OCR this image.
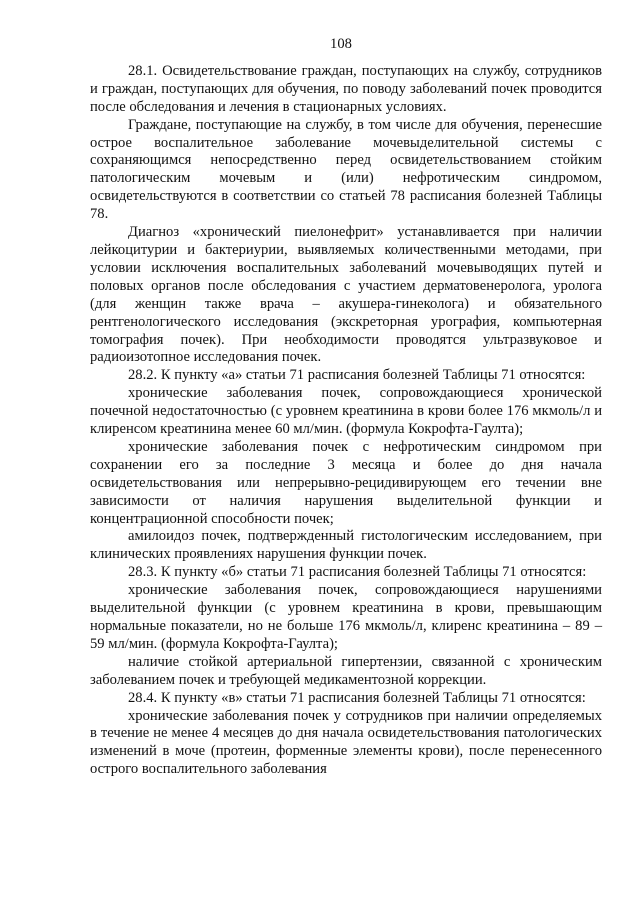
108

28.1. Освидетельствование граждан, поступающих на службу, сотрудников и граждан, поступающих для обучения, по поводу заболеваний почек проводится после обследования и лечения в стационарных условиях.

Граждане, поступающие на службу, в том числе для обучения, перенесшие острое воспалительное заболевание мочевыделительной системы с сохраняющимся непосредственно перед освидетельствованием стойким патологическим мочевым и (или) нефротическим синдромом, освидетельствуются в соответствии со статьей 78 расписания болезней Таблицы 78.

Диагноз «хронический пиелонефрит» устанавливается при наличии лейкоцитурии и бактериурии, выявляемых количественными методами, при условии исключения воспалительных заболеваний мочевыводящих путей и половых органов после обследования с участием дерматовенеролога, уролога (для женщин также врача – акушера-гинеколога) и обязательного рентгенологического исследования (экскреторная урография, компьютерная томография почек). При необходимости проводятся ультразвуковое и радиоизотопное исследования почек.

28.2. К пункту «а» статьи 71 расписания болезней Таблицы 71 относятся:

хронические заболевания почек, сопровождающиеся хронической почечной недостаточностью (с уровнем креатинина в крови более 176 мкмоль/л и клиренсом креатинина менее 60 мл/мин. (формула Кокрофта-Гаулта);

хронические заболевания почек с нефротическим синдромом при сохранении его за последние 3 месяца и более до дня начала освидетельствования или непрерывно-рецидивирующем его течении вне зависимости от наличия нарушения выделительной функции и концентрационной способности почек;

амилоидоз почек, подтвержденный гистологическим исследованием, при клинических проявлениях нарушения функции почек.

28.3. К пункту «б» статьи 71 расписания болезней Таблицы 71 относятся:

хронические заболевания почек, сопровождающиеся нарушениями выделительной функции (с уровнем креатинина в крови, превышающим нормальные показатели, но не больше 176 мкмоль/л, клиренс креатинина – 89 – 59 мл/мин. (формула Кокрофта-Гаулта);

наличие стойкой артериальной гипертензии, связанной с хроническим заболеванием почек и требующей медикаментозной коррекции.

28.4. К пункту «в» статьи 71 расписания болезней Таблицы 71 относятся:

хронические заболевания почек у сотрудников при наличии определяемых в течение не менее 4 месяцев до дня начала освидетельствования патологических изменений в моче (протеин, форменные элементы крови), после перенесенного острого воспалительного заболевания
